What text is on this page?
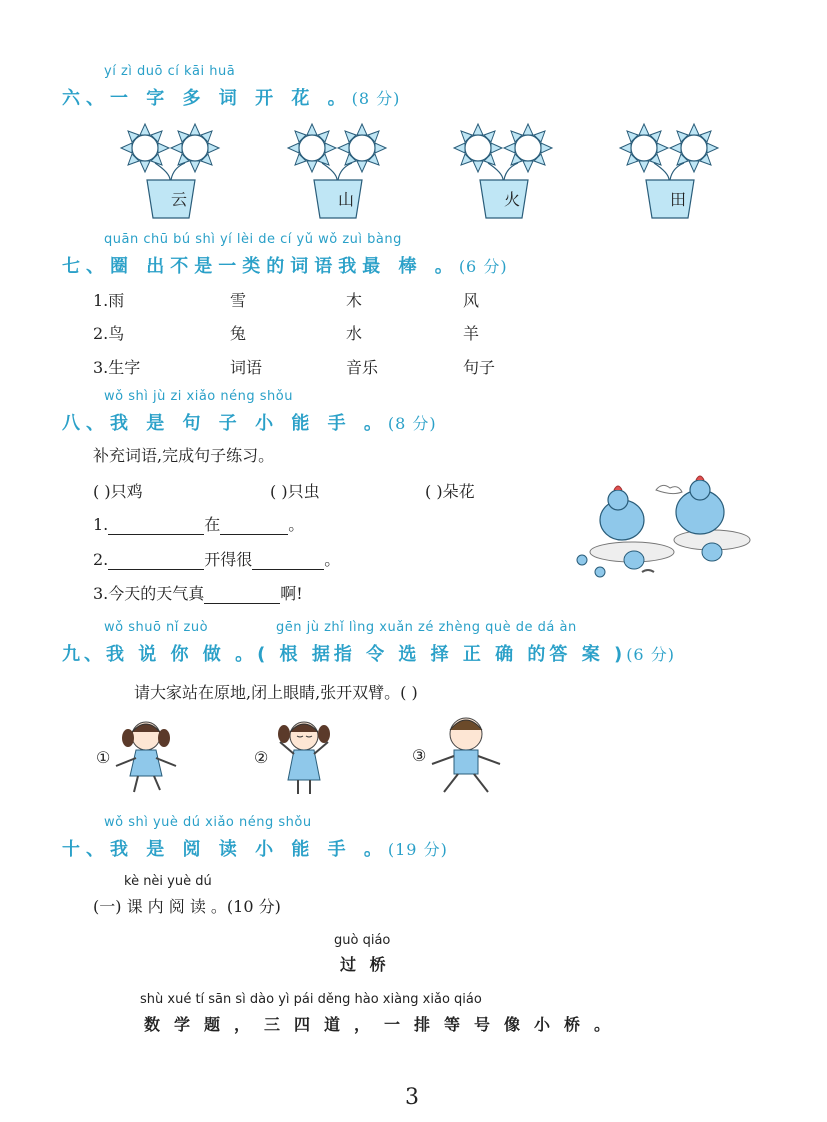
yí zì duō cí kāi huā
六、一 字 多 词 开 花 。(8 分)
云	山	火	田
quān chū bú shì yí lèi de cí yǔ wǒ zuì bàng
七、圈 出不是一类的词语我最 棒 。(6 分)
1.雨	雪	木	风
2.鸟	兔	水	羊
3.生字	词语	音乐	句子
wǒ shì jù zi xiǎo néng shǒu
八、我 是 句 子 小 能 手 。(8 分)
补充词语,完成句子练习。
( )只鸡	( )只虫	( )朵花
1.	在	。
2.	开得很	。
3.今天的天气真	啊!
wǒ shuō nǐ zuò	gēn jù zhǐ lìng xuǎn zé zhèng què de dá àn
九、我 说 你 做 。( 根 据指 令 选 择 正 确 的答 案 )(6 分)
请大家站在原地,闭上眼睛,张开双臂。( )
①	②	③
wǒ shì yuè dú xiǎo néng shǒu
十、我 是 阅 读 小 能 手 。(19 分)
kè nèi yuè dú
(一) 课 内 阅 读 。(10 分)
guò qiáo
过 桥
shù xué tí sān sì dào yì pái děng hào xiàng xiǎo qiáo
数学题，三四道，一排等号像小桥。
3
